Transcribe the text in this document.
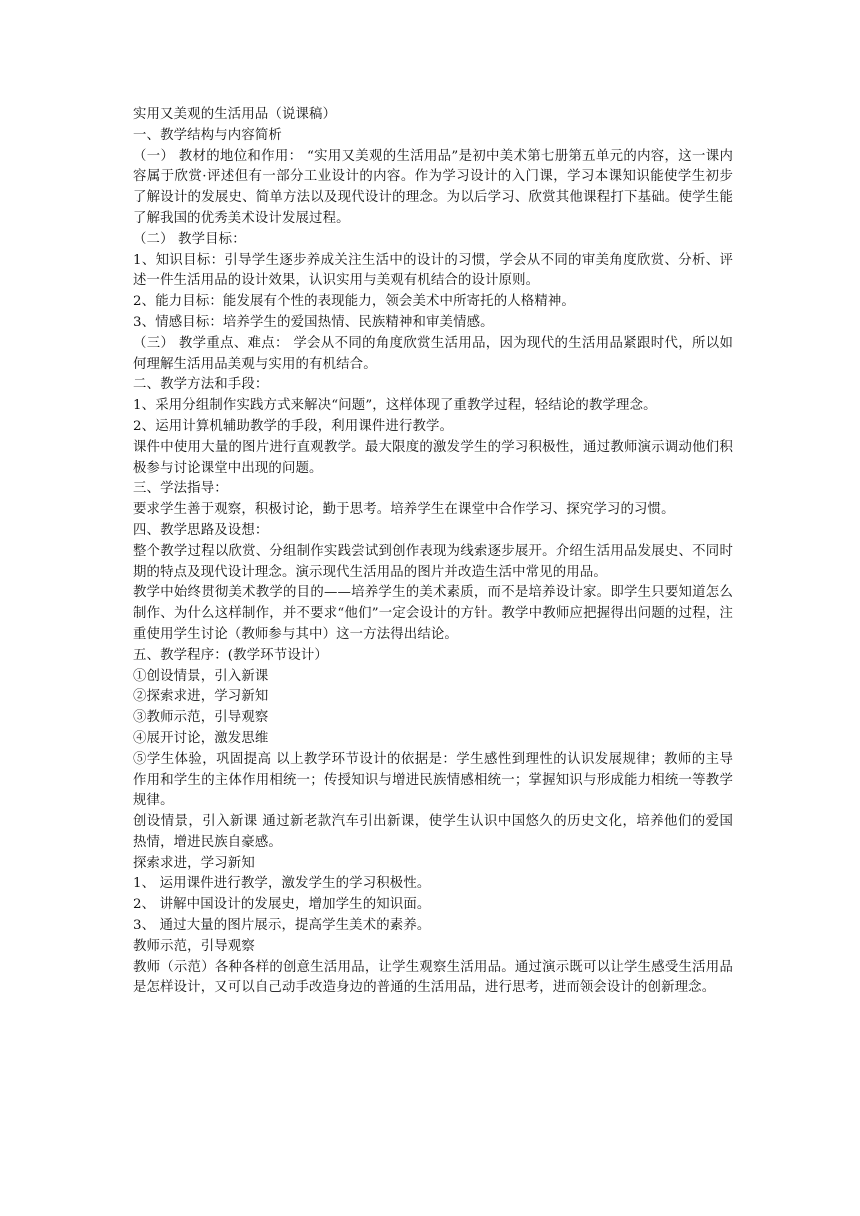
实用又美观的生活用品（说课稿）
一、教学结构与内容简析
（一） 教材的地位和作用： “实用又美观的生活用品”是初中美术第七册第五单元的内容，这一课内容属于欣赏·评述但有一部分工业设计的内容。作为学习设计的入门课，学习本课知识能使学生初步了解设计的发展史、简单方法以及现代设计的理念。为以后学习、欣赏其他课程打下基础。使学生能了解我国的优秀美术设计发展过程。
（二） 教学目标：
1、知识目标：引导学生逐步养成关注生活中的设计的习惯，学会从不同的审美角度欣赏、分析、评述一件生活用品的设计效果，认识实用与美观有机结合的设计原则。
2、能力目标：能发展有个性的表现能力，领会美术中所寄托的人格精神。
3、情感目标：培养学生的爱国热情、民族精神和审美情感。
（三） 教学重点、难点： 学会从不同的角度欣赏生活用品，因为现代的生活用品紧跟时代，所以如何理解生活用品美观与实用的有机结合。
二、教学方法和手段：
1、采用分组制作实践方式来解决“问题”，这样体现了重教学过程，轻结论的教学理念。
2、运用计算机辅助教学的手段，利用课件进行教学。
课件中使用大量的图片进行直观教学。最大限度的激发学生的学习积极性，通过教师演示调动他们积极参与讨论课堂中出现的问题。
三、学法指导：
要求学生善于观察，积极讨论，勤于思考。培养学生在课堂中合作学习、探究学习的习惯。
四、教学思路及设想：
整个教学过程以欣赏、分组制作实践尝试到创作表现为线索逐步展开。介绍生活用品发展史、不同时期的特点及现代设计理念。演示现代生活用品的图片并改造生活中常见的用品。
教学中始终贯彻美术教学的目的——培养学生的美术素质，而不是培养设计家。即学生只要知道怎么制作、为什么这样制作，并不要求“他们”一定会设计的方针。教学中教师应把握得出问题的过程，注重使用学生讨论（教师参与其中）这一方法得出结论。
五、教学程序：(教学环节设计）
①创设情景，引入新课
②探索求进，学习新知
③教师示范，引导观察
④展开讨论，激发思维
⑤学生体验，巩固提高 以上教学环节设计的依据是：学生感性到理性的认识发展规律；教师的主导作用和学生的主体作用相统一；传授知识与增进民族情感相统一；掌握知识与形成能力相统一等教学规律。
创设情景，引入新课 通过新老款汽车引出新课，使学生认识中国悠久的历史文化，培养他们的爱国热情，增进民族自豪感。
探索求进，学习新知
1、 运用课件进行教学，激发学生的学习积极性。
2、 讲解中国设计的发展史，增加学生的知识面。
3、 通过大量的图片展示，提高学生美术的素养。
教师示范，引导观察
教师（示范）各种各样的创意生活用品，让学生观察生活用品。通过演示既可以让学生感受生活用品是怎样设计，又可以自己动手改造身边的普通的生活用品，进行思考，进而领会设计的创新理念。
